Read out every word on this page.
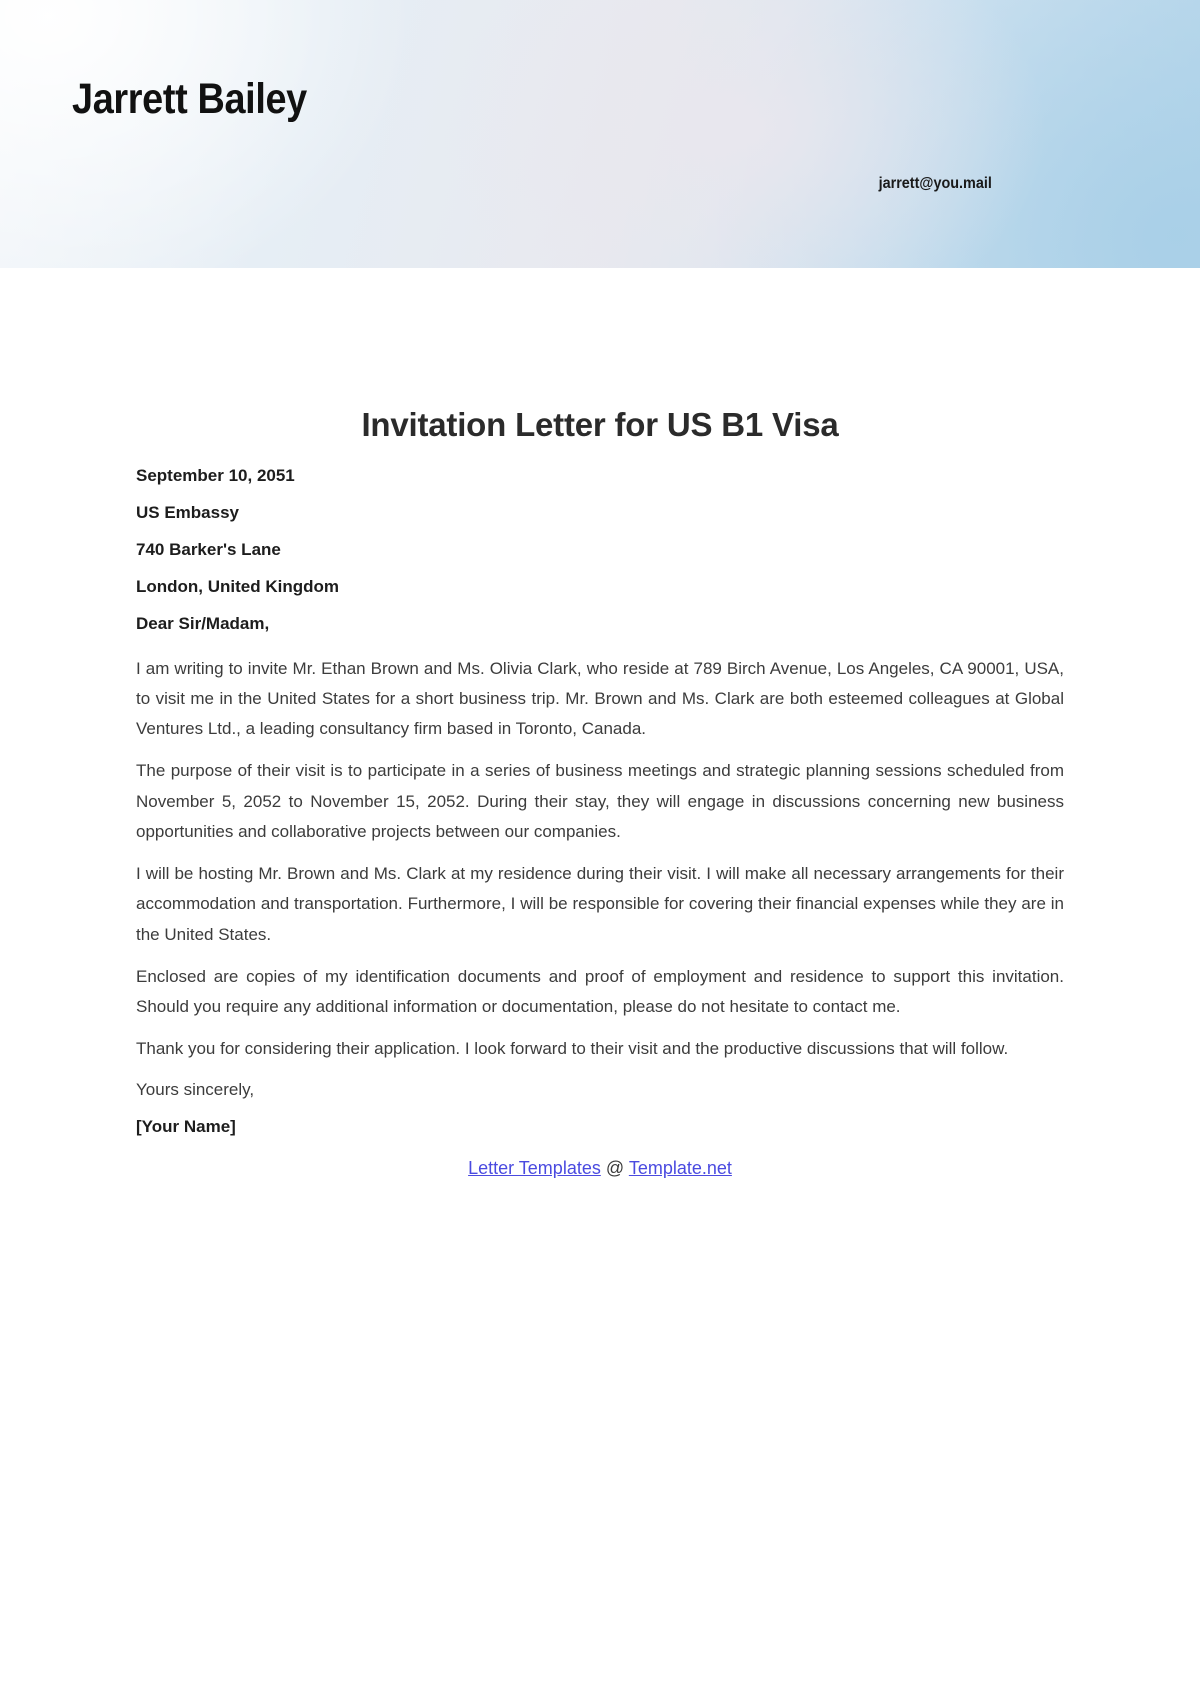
Jarrett Bailey
jarrett@you.mail
Invitation Letter for US B1 Visa
September 10, 2051
US Embassy
740 Barker's Lane
London, United Kingdom
Dear Sir/Madam,

I am writing to invite Mr. Ethan Brown and Ms. Olivia Clark, who reside at 789 Birch Avenue, Los Angeles, CA 90001, USA, to visit me in the United States for a short business trip. Mr. Brown and Ms. Clark are both esteemed colleagues at Global Ventures Ltd., a leading consultancy firm based in Toronto, Canada.

The purpose of their visit is to participate in a series of business meetings and strategic planning sessions scheduled from November 5, 2052 to November 15, 2052. During their stay, they will engage in discussions concerning new business opportunities and collaborative projects between our companies.

I will be hosting Mr. Brown and Ms. Clark at my residence during their visit. I will make all necessary arrangements for their accommodation and transportation. Furthermore, I will be responsible for covering their financial expenses while they are in the United States.

Enclosed are copies of my identification documents and proof of employment and residence to support this invitation. Should you require any additional information or documentation, please do not hesitate to contact me.

Thank you for considering their application. I look forward to their visit and the productive discussions that will follow.

Yours sincerely,
[Your Name]
Letter Templates @ Template.net
